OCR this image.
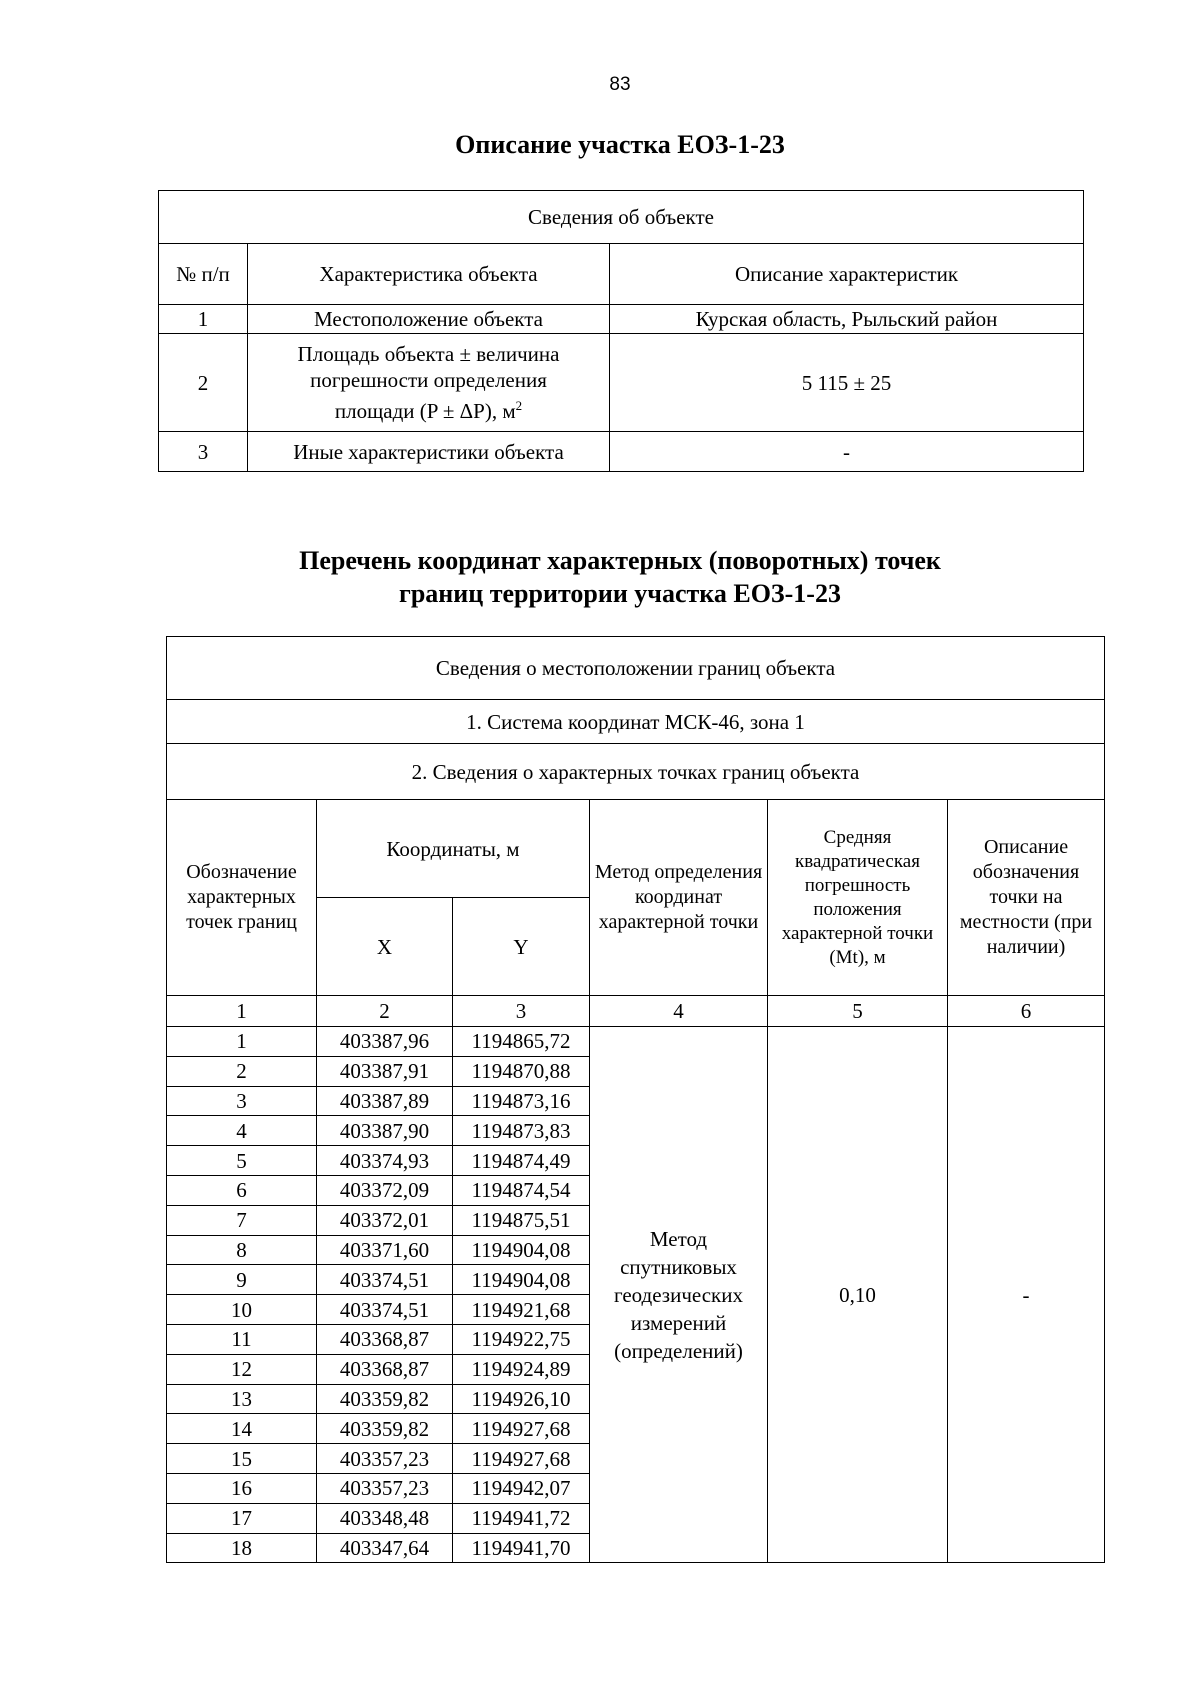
83
Описание участка ЕОЗ-1-23
Сведения об объекте		
№ п/п	Характеристика объекта	Описание характеристик
1	Местоположение объекта	Курская область, Рыльский район
2	Площадь объекта ± величина
погрешности определения
площади (P ± ΔP), $м^2$	5 115 ± 25
3	Иные характеристики объекта	-
Перечень координат характерных (поворотных) точек
границ территории участка ЕОЗ-1-23
Сведения о местоположении границ объекта					
1. Система координат МСК-46, зона 1					
2. Сведения о характерных точках границ объекта					
Обозначение характерных точек границ	Координаты, м		Метод определения координат характерной точки	Средняя квадратическая погрешность положения характерной точки (Mt), м	Описание обозначения точки на местности (при наличии)
	X	Y			
1	2	3	4	5	6
1	403387,96	1194865,72	Метод спутниковых геодезических измерений (определений)	0,10	-
2	403387,91	1194870,88			
3	403387,89	1194873,16			
4	403387,90	1194873,83			
5	403374,93	1194874,49			
6	403372,09	1194874,54			
7	403372,01	1194875,51			
8	403371,60	1194904,08			
9	403374,51	1194904,08			
10	403374,51	1194921,68			
11	403368,87	1194922,75			
12	403368,87	1194924,89			
13	403359,82	1194926,10			
14	403359,82	1194927,68			
15	403357,23	1194927,68			
16	403357,23	1194942,07			
17	403348,48	1194941,72			
18	403347,64	1194941,70			
